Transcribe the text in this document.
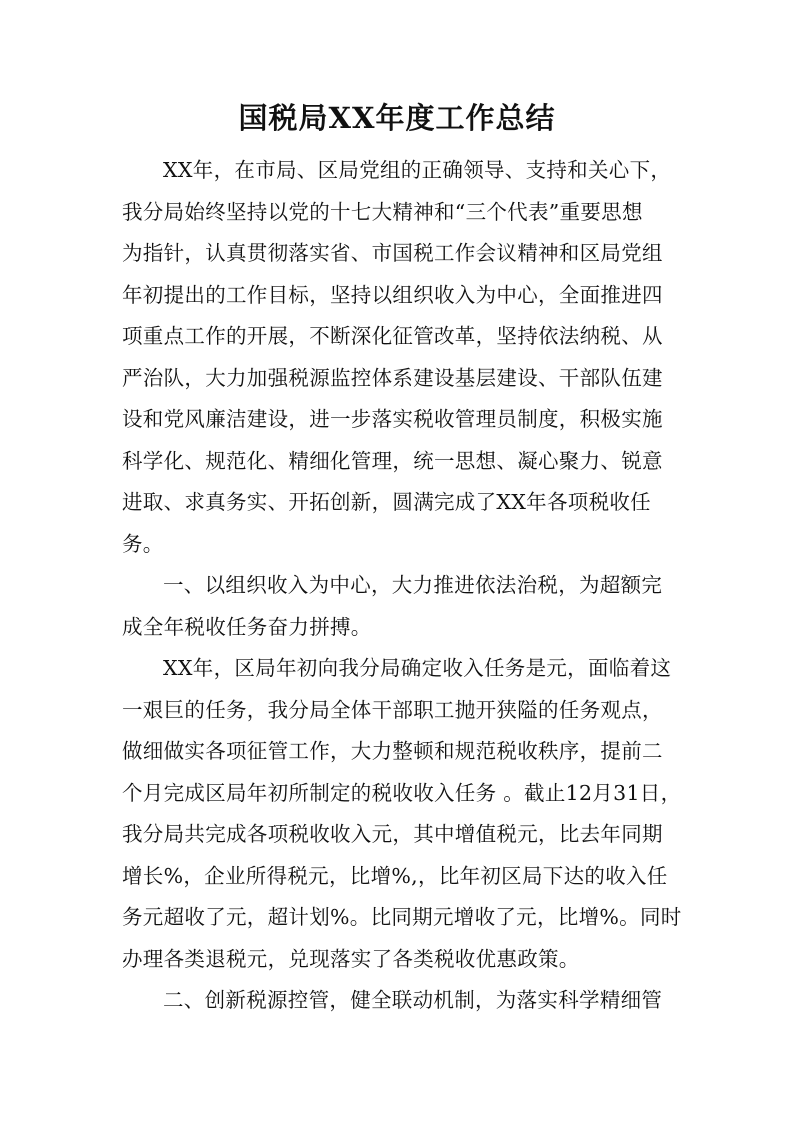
国税局XX年度工作总结
XX年，在市局、区局党组的正确领导、支持和关心下，
我分局始终坚持以党的十七大精神和“三个代表”重要思想
为指针，认真贯彻落实省、市国税工作会议精神和区局党组
年初提出的工作目标，坚持以组织收入为中心，全面推进四
项重点工作的开展，不断深化征管改革，坚持依法纳税、从
严治队，大力加强税源监控体系建设基层建设、干部队伍建
设和党风廉洁建设，进一步落实税收管理员制度，积极实施
科学化、规范化、精细化管理，统一思想、凝心聚力、锐意
进取、求真务实、开拓创新，圆满完成了XX年各项税收任
务。
一、以组织收入为中心，大力推进依法治税，为超额完
成全年税收任务奋力拼搏。
XX年，区局年初向我分局确定收入任务是元，面临着这
一艰巨的任务，我分局全体干部职工抛开狭隘的任务观点，
做细做实各项征管工作，大力整顿和规范税收秩序，提前二
个月完成区局年初所制定的税收收入任务 。截止12月31日，
我分局共完成各项税收收入元，其中增值税元，比去年同期
增长%，企业所得税元，比增%,，比年初区局下达的收入任
务元超收了元，超计划%。比同期元增收了元，比增%。同时
办理各类退税元，兑现落实了各类税收优惠政策。
二、创新税源控管，健全联动机制，为落实科学精细管
